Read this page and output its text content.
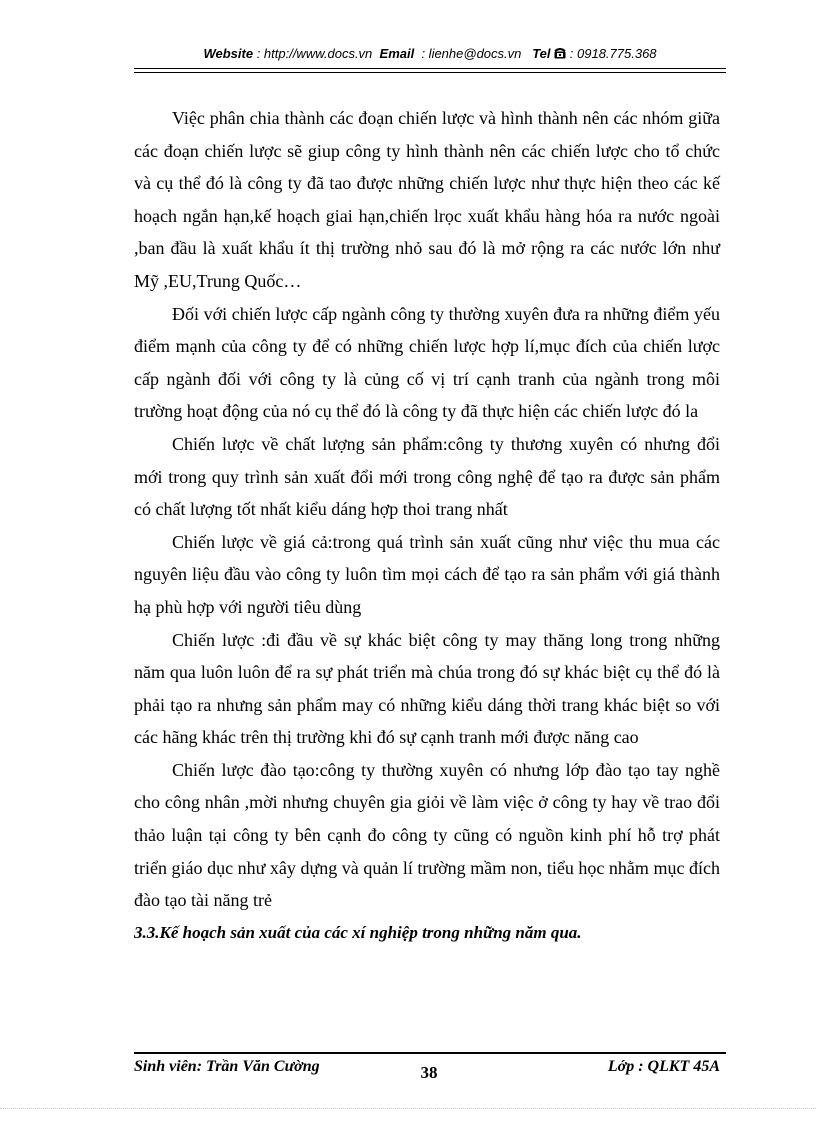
Website : http://www.docs.vn Email : lienhe@docs.vn Tel : 0918.775.368

Việc phân chia thành các đoạn chiến lược và hình thành nên các nhóm giữa các đoạn chiến lược sẽ giup công ty hình thành nên các chiến lược cho tổ chức và cụ thể đó là công ty đã tao được những chiến lược như thực hiện theo các kế hoạch ngắn hạn,kế hoạch giai hạn,chiến lrọc xuất khẩu hàng hóa ra nước ngoài ,ban đầu là xuất khẩu ít thị trường nhỏ sau đó là mở rộng ra các nước lớn như Mỹ ,EU,Trung Quốc…

Đối với chiến lược cấp ngành công ty thường xuyên đưa ra những điểm yếu điểm mạnh của công ty để có những chiến lược hợp lí,mục đích của chiến lược cấp ngành đối với công ty là củng cố vị trí cạnh tranh của ngành trong môi trường hoạt động của nó cụ thể đó là công ty đã thực hiện các chiến lược đó la

Chiến lược về chất lượng sản phẩm:công ty thương xuyên có nhưng đổi mới trong quy trình sản xuất đổi mới trong công nghệ để tạo ra được sản phẩm có chất lượng tốt nhất kiểu dáng hợp thoi trang nhất

Chiến lược về giá cả:trong quá trình sản xuất cũng như việc thu mua các nguyên liệu đầu vào công ty luôn tìm mọi cách để tạo ra sản phẩm với giá thành hạ phù hợp với người tiêu dùng

Chiến lược :đi đầu về sự khác biệt công ty may thăng long trong những năm qua luôn luôn để ra sự phát triển mà chúa trong đó sự khác biệt cụ thể đó là phải tạo ra nhưng sản phẩm may có những kiểu dáng thời trang khác biệt so với các hãng khác trên thị trường khi đó sự cạnh tranh mới được năng cao

Chiến lược đào tạo:công ty thường xuyên có nhưng lớp đào tạo tay nghề cho công nhân ,mời nhưng chuyên gia giỏi về làm việc ở công ty hay về trao đổi thảo luận tại công ty bên cạnh đo công ty cũng có nguồn kinh phí hỗ trợ phát triển giáo dục như xây dựng và quản lí trường mầm non, tiểu học nhằm mục đích đào tạo tài năng trẻ

3.3.Kế hoạch sản xuất của các xí nghiệp trong những năm qua.

Sinh viên: Trần Văn Cường	38	Lớp : QLKT 45A
